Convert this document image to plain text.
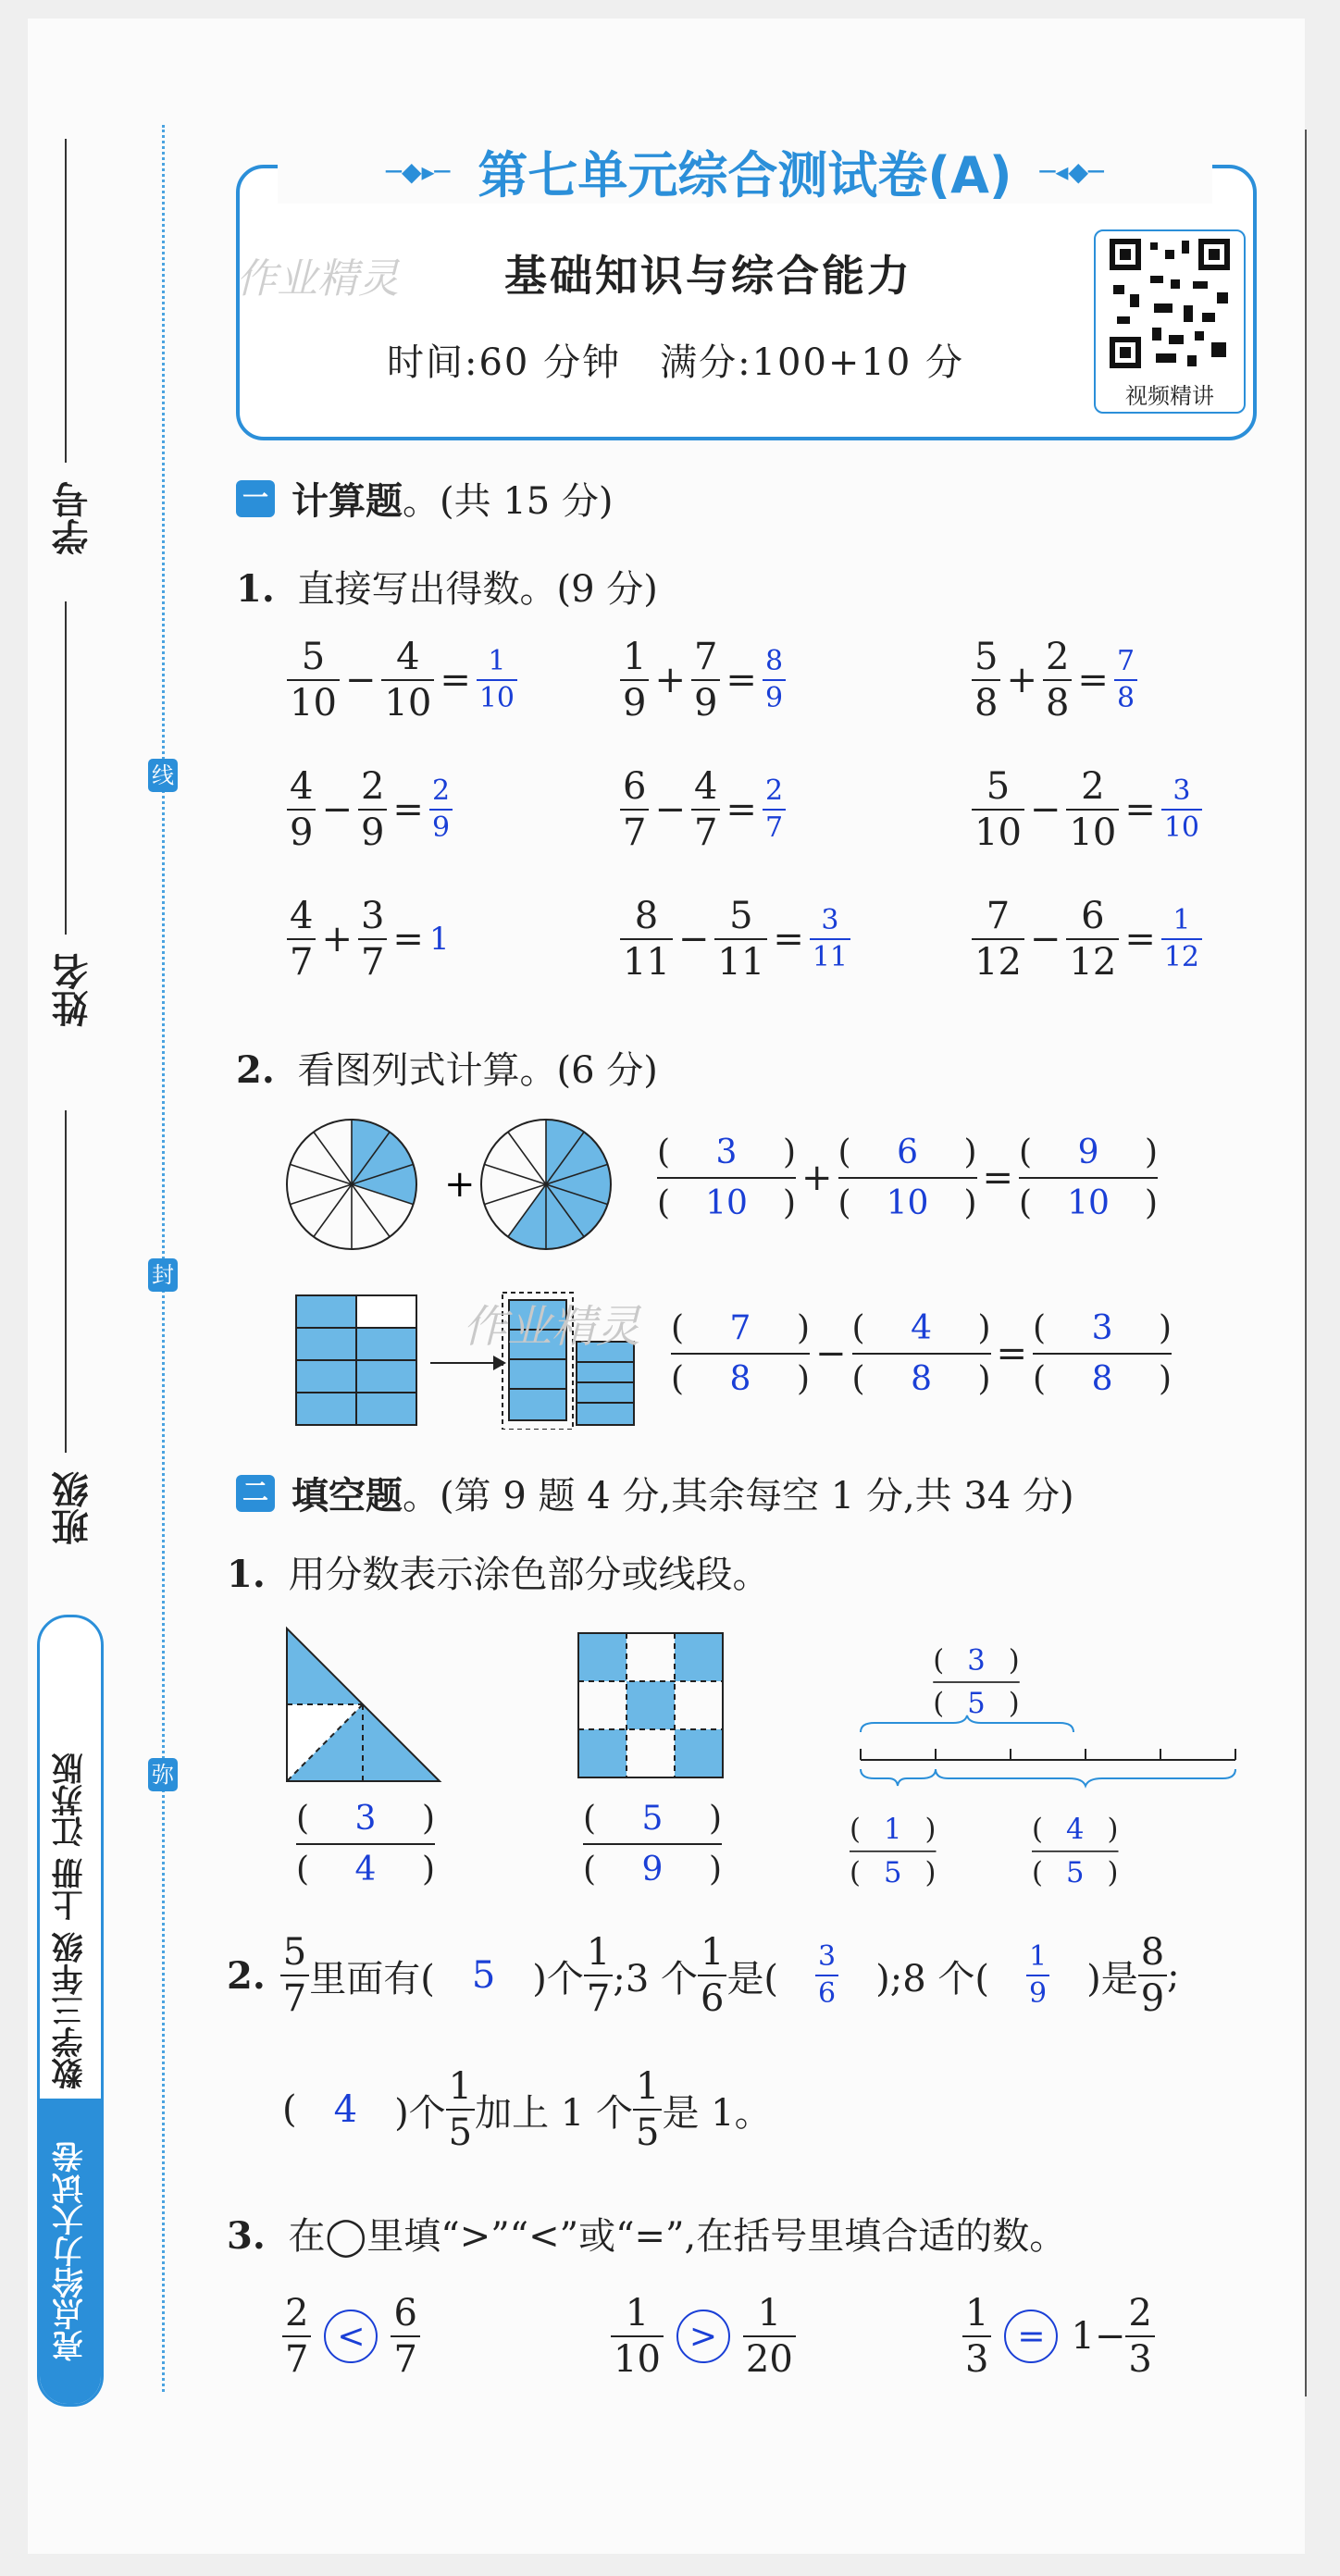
线
封
弥
学号
姓名
班级
数学三年级 上册 江苏版
亮点给力大试卷
─◆▸─ 第七单元综合测试卷(A) ─◂◆─
作业精灵 基础知识与综合能力
时间:60 分钟　满分:100+10 分
视频精讲
一 计算题 。(共 15 分)
1. 直接写出得数。(9 分)
2. 看图列式计算。(6 分)
+
( 3 )
( 10 )
+ $\frac{( 6 )}{( 10 )} = \frac{( 9 )}{( 10 )}$
作业精灵 ( 7 )
( 8 )
− $\frac{( 4 )}{( 8 )} = \frac{( 3 )}{( 8 )}$
二 填空题 。(第 9 题 4 分,其余每空 1 分,共 34 分)
1. 用分数表示涂色部分或线段。
( 3 )
( 4 )
( 5 )
( 9 )
( 3 )
( 5 )
( 1 )
( 5 )
( 4 )
( 5 )
2.
5
7 里面有( 5 )个
1
7 ;3 个
1
6 是(
3
6 );8 个(
1
9 )是
8
9
;
( 4 )个
1
5 加上 1 个
1
5 是 1。
3. 在◯里填“>”“<”或“=”,在括号里填合适的数。
$\frac{5}{10} - \frac{4}{10} = \frac{1}{10}$	$\frac{1}{9} + \frac{7}{9} = \frac{8}{9}$	$\frac{5}{8} + \frac{2}{8} = \frac{7}{8}$
$\frac{4}{9} - \frac{2}{9} = \frac{2}{9}$	$\frac{6}{7} - \frac{4}{7} = \frac{2}{7}$	$\frac{5}{10} - \frac{2}{10} = \frac{3}{10}$
$\frac{4}{7} + \frac{3}{7} = 1$	$\frac{8}{11} - \frac{5}{11} = \frac{3}{11}$	$\frac{7}{12} - \frac{6}{12} = \frac{1}{12}$
$\frac{2}{7} < \frac{6}{7}$	$\frac{1}{10} > \frac{1}{20}$	$\frac{1}{3} = 1- \frac{2}{3}$
